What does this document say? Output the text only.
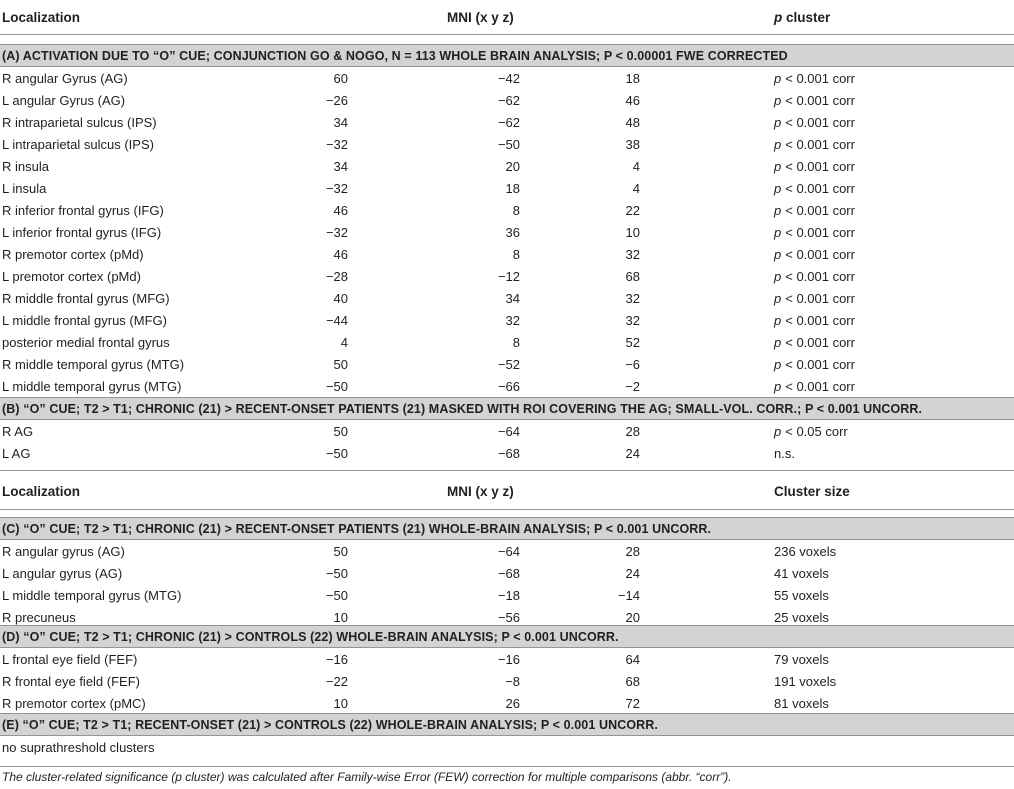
Localization	MNI (x y z)	p cluster
(A) ACTIVATION DUE TO “O” CUE; CONJUNCTION GO & NOGO, N = 113 WHOLE BRAIN ANALYSIS; P < 0.00001 FWE CORRECTED
R angular Gyrus (AG)	60	−42	18	p < 0.001 corr
L angular Gyrus (AG)	−26	−62	46	p < 0.001 corr
R intraparietal sulcus (IPS)	34	−62	48	p < 0.001 corr
L intraparietal sulcus (IPS)	−32	−50	38	p < 0.001 corr
R insula	34	20	4	p < 0.001 corr
L insula	−32	18	4	p < 0.001 corr
R inferior frontal gyrus (IFG)	46	8	22	p < 0.001 corr
L inferior frontal gyrus (IFG)	−32	36	10	p < 0.001 corr
R premotor cortex (pMd)	46	8	32	p < 0.001 corr
L premotor cortex (pMd)	−28	−12	68	p < 0.001 corr
R middle frontal gyrus (MFG)	40	34	32	p < 0.001 corr
L middle frontal gyrus (MFG)	−44	32	32	p < 0.001 corr
posterior medial frontal gyrus	4	8	52	p < 0.001 corr
R middle temporal gyrus (MTG)	50	−52	−6	p < 0.001 corr
L middle temporal gyrus (MTG)	−50	−66	−2	p < 0.001 corr
(B) “O” CUE; T2 > T1; CHRONIC (21) > RECENT-ONSET PATIENTS (21) MASKED WITH ROI COVERING THE AG; SMALL-VOL. CORR.; P < 0.001 UNCORR.
R AG	50	−64	28	p < 0.05 corr
L AG	−50	−68	24	n.s.
Localization	MNI (x y z)	Cluster size
(C) “O” CUE; T2 > T1; CHRONIC (21) > RECENT-ONSET PATIENTS (21) WHOLE-BRAIN ANALYSIS; P < 0.001 UNCORR.
R angular gyrus (AG)	50	−64	28	236 voxels
L angular gyrus (AG)	−50	−68	24	41 voxels
L middle temporal gyrus (MTG)	−50	−18	−14	55 voxels
R precuneus	10	−56	20	25 voxels
(D) “O” CUE; T2 > T1; CHRONIC (21) > CONTROLS (22) WHOLE-BRAIN ANALYSIS; P < 0.001 UNCORR.
L frontal eye field (FEF)	−16	−16	64	79 voxels
R frontal eye field (FEF)	−22	−8	68	191 voxels
R premotor cortex (pMC)	10	26	72	81 voxels
(E) “O” CUE; T2 > T1; RECENT-ONSET (21) > CONTROLS (22) WHOLE-BRAIN ANALYSIS; P < 0.001 UNCORR.
no suprathreshold clusters
The cluster-related significance (p cluster) was calculated after Family-wise Error (FEW) correction for multiple comparisons (abbr. “corr”).
